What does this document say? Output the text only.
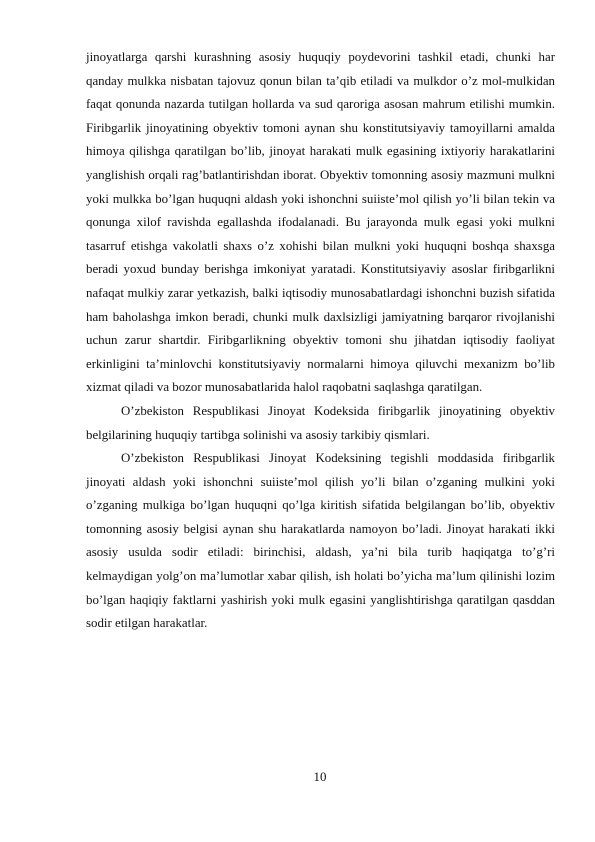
jinoyatlarga qarshi kurashning asosiy huquqiy poydevorini tashkil etadi, chunki har qanday mulkka nisbatan tajovuz qonun bilan ta’qib etiladi va mulkdor o’z mol-mulkidan faqat qonunda nazarda tutilgan hollarda va sud qaroriga asosan mahrum etilishi mumkin. Firibgarlik jinoyatining obyektiv tomoni aynan shu konstitutsiyaviy tamoyillarni amalda himoya qilishga qaratilgan bo’lib, jinoyat harakati mulk egasining ixtiyoriy harakatlarini yanglishish orqali rag’batlantirishdan iborat. Obyektiv tomonning asosiy mazmuni mulkni yoki mulkka bo’lgan huquqni aldash yoki ishonchni suiiste’mol qilish yo’li bilan tekin va qonunga xilof ravishda egallashda ifodalanadi. Bu jarayonda mulk egasi yoki mulkni tasarruf etishga vakolatli shaxs o’z xohishi bilan mulkni yoki huquqni boshqa shaxsga beradi yoxud bunday berishga imkoniyat yaratadi. Konstitutsiyaviy asoslar firibgarlikni nafaqat mulkiy zarar yetkazish, balki iqtisodiy munosabatlardagi ishonchni buzish sifatida ham baholashga imkon beradi, chunki mulk daxlsizligi jamiyatning barqaror rivojlanishi uchun zarur shartdir. Firibgarlikning obyektiv tomoni shu jihatdan iqtisodiy faoliyat erkinligini ta’minlovchi konstitutsiyaviy normalarni himoya qiluvchi mexanizm bo’lib xizmat qiladi va bozor munosabatlarida halol raqobatni saqlashga qaratilgan.

O’zbekiston Respublikasi Jinoyat Kodeksida firibgarlik jinoyatining obyektiv belgilarining huquqiy tartibga solinishi va asosiy tarkibiy qismlari.

O’zbekiston Respublikasi Jinoyat Kodeksining tegishli moddasida firibgarlik jinoyati aldash yoki ishonchni suiiste’mol qilish yo’li bilan o’zganing mulkini yoki o’zganing mulkiga bo’lgan huquqni qo’lga kiritish sifatida belgilangan bo’lib, obyektiv tomonning asosiy belgisi aynan shu harakatlarda namoyon bo’ladi. Jinoyat harakati ikki asosiy usulda sodir etiladi: birinchisi, aldash, ya’ni bila turib haqiqatga to’g’ri kelmaydigan yolg’on ma’lumotlar xabar qilish, ish holati bo’yicha ma’lum qilinishi lozim bo’lgan haqiqiy faktlarni yashirish yoki mulk egasini yanglishtirishga qaratilgan qasddan sodir etilgan harakatlar.

10
